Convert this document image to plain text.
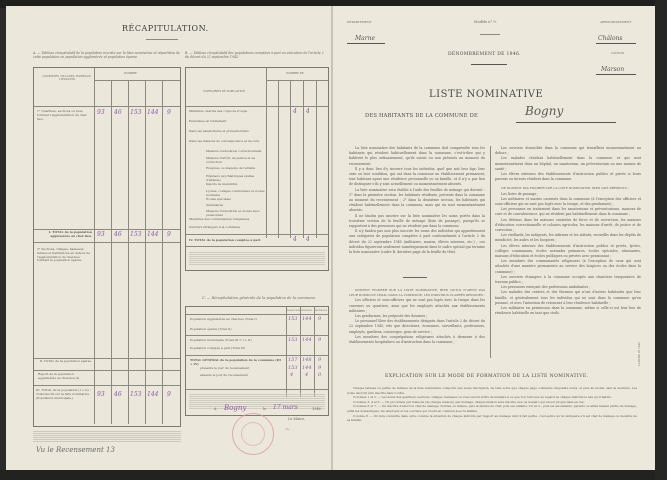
RÉCAPITULATION.
A. — Tableau récapitulatif de la population inscrite sur la liste nominative et répartition de cette population en population agglomérée et population éparse.
B. — Tableau récapitulatif des populations comptées à part en exécution de l'article 2 du décret du 22 septembre 1945.
QUARTIERS, VILLAGES, HAMEAUX, LIEUX-DITS
NOMBRE
1° Quartiers, sections ou rues formant l'agglomération du chef-lieu.
93 46 153 144 9
I. TOTAL de la population agglomérée au chef-lieu. 93 46 153 144 9
2° Sections, villages, hameaux, fermes et habitations en dehors de l'agglomération du chef-lieu formant la population éparse.
II. TOTAL de la population éparse.
Report de la population agglomérée au chef-lieu (I).
III. TOTAL de la population (I + II) : Total inscrit sur la liste nominative. (Population municipale.)	93 46 153 144 9
Vu le Recensement 13
CATÉGORIES DE POPULATION
NOMBRE DE
Militaires, marins des corps de troupe	4 4
Personnes en traitement
Dans les sanatoriums et préventoriums
Dans les maisons de convalescence et de cure
Maisons d'éducation correctionnelle
Maisons d'arrêt, de justice et de correction
Hospices ou maisons de retraite
Hôpitaux psychiatriques (Asiles d'aliénés)
Dépôts de mendicité
Lycées, collèges communaux et écoles normales
Écoles spéciales
Séminaires
Maisons d'éducation et écoles avec pensionnat
Membres des communautés religieuses
Ouvriers étrangers à la commune
IV. TOTAL de la population comptée à part	4 4
C. — Récapitulation générale de la population de la commune.
MASCULIN FÉMININ MÉNAGES
Population agglomérée au chef-lieu (Total I)	153 144 9
Population éparse (Total II)
Population municipale (Total III = I + II)	153 144 9
Population comptée à part (Total IV)
TOTAL GÉNÉRAL de la population de la commune (III + IV)
157 148 9
présents le jour du recensement	153 144 9
absents le jour du recensement	4 4 0
A Bogny	le 17 mars	1946
Le Maire,
~
DÉPARTEMENT
Marne
Modèle n° 9.	ARRONDISSEMENT
Châlons
DÉNOMBREMENT DE 1946.	CANTON
Marson
LISTE NOMINATIVE
DES HABITANTS DE LA COMMUNE DE	Bogny
La liste nominative des habitants de la commune doit comprendre tous les habitants qui résident habituellement dans la commune, c'est-à-dire qui y habitent le plus ordinairement, qu'ils soient ou non présents au moment du recensement.
Il y a donc lieu d'y inscrire tous les individus, quel que soit leur âge, leur sexe ou leur condition, qui ont dans la commune un établissement permanent, tout habitant ayant une résidence personnelle ou sa famille, et il n'y a pas lieu de distinguer s'ils y sont actuellement ou momentanément absents.
La liste nominative sera établie à l'aide des feuilles de ménage qui doivent : 1° dans la première section, les habitants résidents, présents dans la commune au moment du recensement ; 2° dans la deuxième section, les habitants qui résident habituellement dans la commune, mais qui en sont momentanément absents.
Il ne faudra pas inscrire sur la liste nominative les noms portés dans la troisième section de la feuille de ménage (liste de passage), puisqu'ils se rapportent à des personnes qui ne résident pas dans la commune.
Il n'y faudra pas non plus inscrire les noms des individus qui appartiennent aux catégories de population comptées à part conformément à l'article 2 du décret du 22 septembre 1945 (militaires, marins, élèves internes, etc.) ; ces individus figureront seulement numériquement dans le cadre spécial qui termine la liste nominative (cadre B, dernière page de la feuille de tête).
DOIVENT FIGURER SUR LA LISTE NOMINATIVE, BIEN QU'ILS N'AIENT PAS LEUR DOMICILE LÉGAL DANS LA COMMUNE, LES INDIVIDUS CI-APRÈS DÉSIGNÉS :
Les officiers et sous-officiers qui ne sont pas logés avec la troupe dans les casernes ou quartiers, ainsi que les employés attachés aux établissements militaires ;
Les gendarmes, les préposés des douanes ;
Le personnel libre des établissements désignés dans l'article 2 du décret du 22 septembre 1945, tels que directeurs, économes, surveillants, professeurs, employés, gardiens, concierges, gens de service ;
Les membres des congrégations religieuses attachés à demeure à des établissements hospitaliers ou d'instruction dans la commune ;
Les ouvriers domiciliés dans la commune qui travaillent momentanément au dehors ;
Les malades résidant habituellement dans la commune et qui sont momentanément dans un hôpital, un sanatorium, un préventorium ou une maison de santé ;
Les élèves externes des établissements d'instruction publics et privés si leurs parents ou tuteurs résident dans la commune.
NE DOIVENT PAS FIGURER SUR LA LISTE NOMINATIVE, BIEN QUE PRÉSENTS :
Les listes de passage ;
Les militaires et marins casernés dans la commune (à l'exception des officiers et sous-officiers qui ne sont pas logés avec la troupe, et des gendarmes) ;
Les personnes en traitement dans les sanatoriums et préventoriums, maisons de cure et de convalescence, qui ne résident pas habituellement dans la commune ;
Les détenus dans les maisons centrales de force et de correction, les maisons d'éducation correctionnelle et colonies agricoles, les maisons d'arrêt, de justice et de correction ;
Les vieillards, les indigents, les infirmes et les aliénés, recueillis dans les dépôts de mendicité, les asiles et les hospices ;
Les élèves internes des établissements d'instruction publics et privés, lycées, collèges communaux, écoles normales primaires, écoles spéciales, séminaires, maisons d'éducation et écoles publiques ou privées avec pensionnat ;
Les membres des communautés religieuses (à l'exception de ceux qui sont attachés d'une manière permanente au service des hospices ou des écoles dans la commune) ;
Les ouvriers étrangers à la commune occupés aux chantiers temporaires de travaux publics ;
Les personnes exerçant des professions ambulantes ;
Les malades des centres et des thermes qui n'ont d'autres habitudes que leur famille, et généralement tous les individus qui ne sont dans la commune qu'en passant, et avec l'intention de retourner à leur résidence habituelle ;
Les militaires en permission dans la commune, même si celle-ci est leur lieu de résidence habituelle en tant que civils.
EXPLICATION SUR LE MODE DE FORMATION DE LA LISTE NOMINATIVE.
Chaque tableau ou partie de tableau de la liste nominative comporte une seule inscription, de telle sorte que chaque page contienne cinquante noms, et plus au moins, sauf la dernière. Les noms devront être inscrits dans l'ordre.
Colonnes 1 et 2. — Les noms des quartiers, sections, villages, hameaux ou rues seront écrits de manière à ce que l'on retrouve au regard de chaque individu le lieu qu'il habite.
Colonnes 3, 4 et 5. — On procèdera par maisons (de chaque maison), par ménage, chaque maison sera inscrite avec le numéro qui lui est propre dans sa rue.
Colonnes 6 et 7. — On inscrira d'abord le chef de ménage, homme ou femme, puis la femme du chef, puis ses enfants, s'il en a ; puis les ascendants, parents ou alliés faisant partie du ménage, enfin les domestiques, les employés et les ouvriers qui vivent en commun avec la famille.
Colonne 8. — On fera connaître dans cette colonne la situation de chaque individu par rapport au ménage dont il fait partie, c'est-à-dire qu'on indiquera s'il est chef de ménage ou membre de sa famille.
LA ROSE 25 1946
